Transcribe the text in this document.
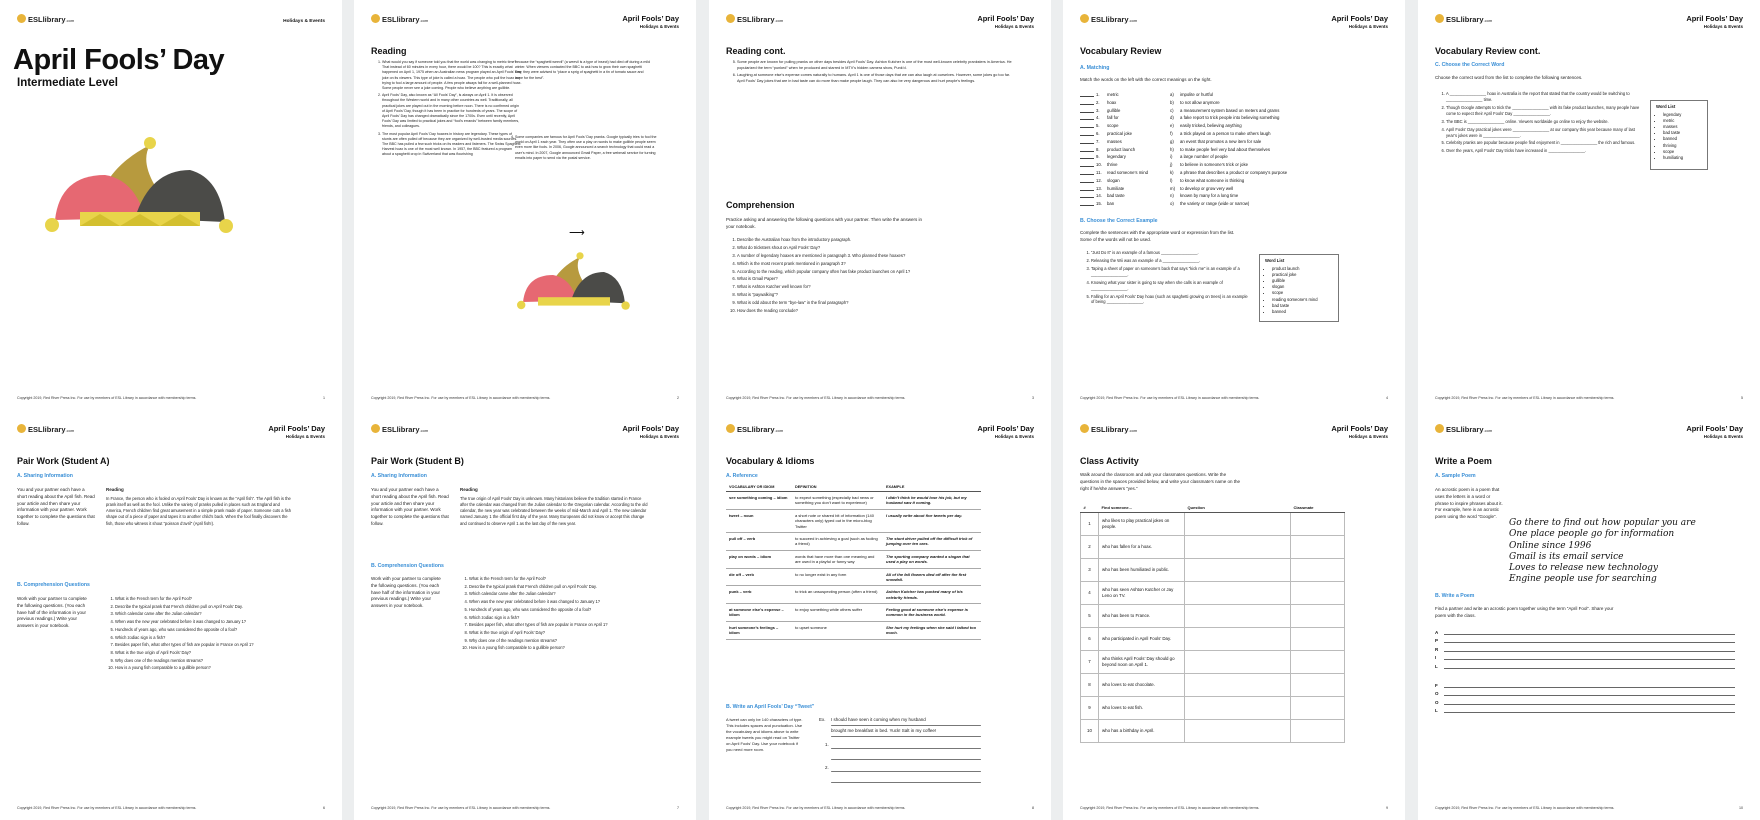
ESLlibrary.com	Holidays & Events
April Fools’ Day
Intermediate Level
Copyright 2019, Red River Press Inc. For use by members of ESL Library in accordance with membership terms.	1
ESLlibrary.com	April Fools’ Day
Holidays & Events
Reading
1. What would you say if someone told you that the world was changing to metric time? That instead of 60 minutes in every hour, there would be 100? This is exactly what happened on April 1, 1975 when an Australian news program played an April Fools’ Day joke on its viewers. This type of joke is called a hoax. The people who pull the hoax are trying to fool a large amount of people. A few people always fall for a well-planned hoax. Some people never see a joke coming. People who believe anything are gullible.
2. April Fools’ Day, also known as “All Fools’ Day”, is always on April 1. It is observed throughout the Western world and in many other countries as well. Traditionally, all practical jokes are played out in the morning before noon. There is no confirmed origin of April Fools’ Day, though it has been in practice for hundreds of years. The scope of April Fools’ Day has changed dramatically since the 1700s. Even until recently, April Fools’ Day was limited to practical jokes and “fool’s errands” between family members, friends, and colleagues.
3. The most popular April Fools’ Day hoaxes in history are legendary. These types of stunts are often pulled off because they are organized by well-trusted media sources. The BBC has pulled a few such tricks on its readers and listeners. The Swiss Spaghetti Harvest hoax is one of the most well known. In 1957, the BBC featured a program about a spaghetti crop in Switzerland that was flourishing
because the “spaghetti weevil” (a weevil is a type of insect) had died off during a mild winter. When viewers contacted the BBC to ask how to grow their own spaghetti tree, they were advised to “place a sprig of spaghetti in a tin of tomato sauce and hope for the best”.
4. Some companies are famous for April Fools’ Day pranks. Google typically tries to fool the world on April 1 each year. They often use a play on words to make gullible people seem even more like fools. In 2006, Google announced a search technology that could read a user’s mind. In 2007, Google announced Gmail Paper, a free webmail service for turning emails into paper to send via the postal service.
⟶
Copyright 2019, Red River Press Inc. For use by members of ESL Library in accordance with membership terms.	2
ESLlibrary.com	April Fools’ Day
Holidays & Events
Reading cont.
5. Some people are known for pulling pranks on other days besides April Fools’ Day. Ashton Kutcher is one of the most well-known celebrity pranksters in America. He popularized the term “punked” when he produced and starred in MTV’s hidden camera show, Punk’d.
6. Laughing at someone else’s expense comes naturally to humans. April 1 is one of those days that we can also laugh at ourselves. However, some jokes go too far. April Fools’ Day jokes that are in bad taste can do more than make people laugh. They can also be very dangerous and hurt people’s feelings.
Comprehension
Practice asking and answering the following questions with your partner. Then write the answers in your notebook.
1. Describe the Australian hoax from the introductory paragraph.
2. What do tricksters shout on April Fools’ Day?
3. A number of legendary hoaxes are mentioned in paragraph 3. Who planned these hoaxes?
4. Which is the most recent prank mentioned in paragraph 3?
5. According to the reading, which popular company often has fake product launches on April 1?
6. What is Gmail Paper?
7. What is Ashton Kutcher well known for?
8. What is “paywalking”?
9. What is odd about the term “bye-law” in the final paragraph?
10. How does the reading conclude?
Copyright 2019, Red River Press Inc. For use by members of ESL Library in accordance with membership terms.	3
ESLlibrary.com	April Fools’ Day
Holidays & Events
Vocabulary Review
A. Matching
Match the words on the left with the correct meanings on the right.
1. metric	a) impolite or hurtful
2. hoax	b) to not allow anymore
3. gullible	c) a measurement system based on meters and grams
4. fall for	d) a fake report to trick people into believing something
5. scope	e) easily tricked, believing anything
6. practical joke	f) a trick played on a person to make others laugh
7. masses	g) an event that promotes a new item for sale
8. product launch	h) to make people feel very bad about themselves
9. legendary	i) a large number of people
10. thrive	j) to believe in someone’s trick or joke
11. read someone’s mind	k) a phrase that describes a product or company’s purpose
12. slogan	l) to know what someone is thinking
13. humiliate	m) to develop or grow very well
14. bad taste	n) known by many for a long time
15. ban	o) the variety or range (wide or narrow)
B. Choose the Correct Example
Complete the sentences with the appropriate word or expression from the list. Some of the words will not be used.
1. “Just Do It” is an example of a famous ________________.
2. Releasing the Wii was an example of a ________________.
3. Taping a sheet of paper on someone’s back that says “kick me” is an example of a ________________.
4. Knowing what your sister is going to say when she calls is an example of ________________.
5. Falling for an April Fools’ Day hoax (such as spaghetti growing on trees) is an example of being ________________.
Word List
• product launch
• practical joke
• gullible
• slogan
• scope
• reading someone’s mind
• bad taste
• banned
Copyright 2019, Red River Press Inc. For use by members of ESL Library in accordance with membership terms.	4
ESLlibrary.com	April Fools’ Day
Holidays & Events
Vocabulary Review cont.
C. Choose the Correct Word
Choose the correct word from the list to complete the following sentences.
1. A ________________ hoax in Australia is the report that stated that the country would be switching to ________________ time.
2. Though Google attempts to trick the ________________ with its fake product launches, many people have come to expect their April Fools’ Day ________________.
3. The BBC is ________________ online. Viewers worldwide go online to enjoy the website.
4. April Fools’ Day practical jokes were ________________ at our company this year because many of last year’s jokes were in ________________.
5. Celebrity pranks are popular because people find enjoyment in ________________ the rich and famous.
6. Over the years, April Fools’ Day tricks have increased in ________________.
Word List
• legendary
• metric
• masses
• bad taste
• banned
• thriving
• scope
• humiliating
Copyright 2019, Red River Press Inc. For use by members of ESL Library in accordance with membership terms.	5
ESLlibrary.com	April Fools’ Day
Holidays & Events
Pair Work (Student A)
A. Sharing Information
You and your partner each have a short reading about the April fish. Read your article and then share your information with your partner. Work together to complete the questions that follow.
Reading
In France, the person who is fooled on April Fools’ Day is known as the “April fish”. The April fish is the prank itself as well as the fool. Unlike the variety of pranks pulled in places such as England and America, French children find great amusement in a simple prank made of paper. Someone cuts a fish shape out of a piece of paper and tapes it to another child’s back. When the fool finally discovers the fish, those who witness it shout “poisson d’avril” (April fish!).
B. Comprehension Questions
Work with your partner to complete the following questions. (You each have half of the information in your previous readings.) Write your answers in your notebook.
1. What is the French term for the April Fool?
2. Describe the typical prank that French children pull on April Fools’ Day.
3. Which calendar came after the Julian calendar?
4. When was the new year celebrated before it was changed to January 1?
5. Hundreds of years ago, who was considered the opposite of a fool?
6. Which zodiac sign is a fish?
7. Besides paper fish, what other types of fish are popular in France on April 1?
8. What is the true origin of April Fools’ Day?
9. Why does one of the readings mention streams?
10. How is a young fish comparable to a gullible person?
Copyright 2019, Red River Press Inc. For use by members of ESL Library in accordance with membership terms.	6
ESLlibrary.com	April Fools’ Day
Holidays & Events
Pair Work (Student B)
A. Sharing Information
You and your partner each have a short reading about the April fish. Read your article and then share your information with your partner. Work together to complete the questions that follow.
Reading
The true origin of April Fools’ Day is unknown. Many historians believe the tradition started in France after the calendar was changed from the Julian calendar to the Gregorian calendar. According to the old calendar, the new year was celebrated between the weeks of mid-March and April 1. The new calendar named January 1 the official first day of the year. Many Europeans did not know or accept this change and continued to observe April 1 as the last day of the new year.
B. Comprehension Questions
Work with your partner to complete the following questions. (You each have half of the information in your previous readings.) Write your answers in your notebook.
1. What is the French term for the April Fool?
2. Describe the typical prank that French children pull on April Fools’ Day.
3. Which calendar came after the Julian calendar?
4. When was the new year celebrated before it was changed to January 1?
5. Hundreds of years ago, who was considered the opposite of a fool?
6. Which zodiac sign is a fish?
7. Besides paper fish, what other types of fish are popular in France on April 1?
8. What is the true origin of April Fools’ Day?
9. Why does one of the readings mention streams?
10. How is a young fish comparable to a gullible person?
Copyright 2019, Red River Press Inc. For use by members of ESL Library in accordance with membership terms.	7
ESLlibrary.com	April Fools’ Day
Holidays & Events
Vocabulary & Idioms
A. Reference
VOCABULARY OR IDIOM	DEFINITION	EXAMPLE
see something coming – idiom	to expect something (especially bad news or something you don’t want to experience)	I didn’t think he would lose his job, but my husband saw it coming.
tweet – noun	a short note or shared bit of information (140 characters only) typed out in the micro-blog Twitter	I usually write about five tweets per day.
pull off – verb	to succeed in achieving a goal (such as fooling a friend)	The stunt driver pulled off the difficult trick of jumping over ten cars.
play on words – idiom	words that have more than one meaning and are used in a playful or funny way	The sporting company wanted a slogan that used a play on words.
die off – verb	to no longer exist in any form	All of the fall flowers died off after the first snowfall.
punk – verb	to trick an unsuspecting person (often a friend)	Ashton Kutcher has punked many of his celebrity friends.
at someone else’s expense – idiom	to enjoy something while others suffer	Feeling good at someone else’s expense is common in the business world.
hurt someone’s feelings – idiom	to upset someone	She hurt my feelings when she said I talked too much.
B. Write an April Fools’ Day “Tweet”
A tweet can only be 140 characters of type. This includes spaces and punctuation. Use the vocabulary and idioms above to write example tweets you might read on Twitter on April Fools’ Day. Use your notebook if you need more room.
Ex. I should have seen it coming when my husband
brought me breakfast in bed. Yuck! Salt in my coffee!
1.
2.
Copyright 2019, Red River Press Inc. For use by members of ESL Library in accordance with membership terms.	8
ESLlibrary.com	April Fools’ Day
Holidays & Events
Class Activity
Walk around the classroom and ask your classmates questions. Write the questions in the spaces provided below, and write your classmate’s name on the right if he/she answers “yes.”
#	Find someone...	Question	Classmate
1	who likes to play practical jokes on people.		
2	who has fallen for a hoax.		
3	who has been humiliated in public.		
4	who has seen Ashton Kutcher or Jay Leno on TV.		
5	who has been to France.		
6	who participated in April Fools’ Day.		
7	who thinks April Fools’ Day should go beyond noon on April 1.		
8	who loves to eat chocolate.		
9	who loves to eat fish.		
10	who has a birthday in April.		
Copyright 2019, Red River Press Inc. For use by members of ESL Library in accordance with membership terms.	9
ESLlibrary.com	April Fools’ Day
Holidays & Events
Write a Poem
A. Sample Poem
An acrostic poem is a poem that uses the letters in a word or phrase to inspire phrases about it. For example, here is an acrostic poem using the word “Google”.
Go there to find out how popular you are
One place people go for information
Online since 1996
Gmail is its email service
Loves to release new technology
Engine people use for searching
B. Write a Poem
Find a partner and write an acrostic poem together using the term “April Fool”. Share your poem with the class.
A
P
R
I
L
F
O
O
L
Copyright 2019, Red River Press Inc. For use by members of ESL Library in accordance with membership terms.	10
